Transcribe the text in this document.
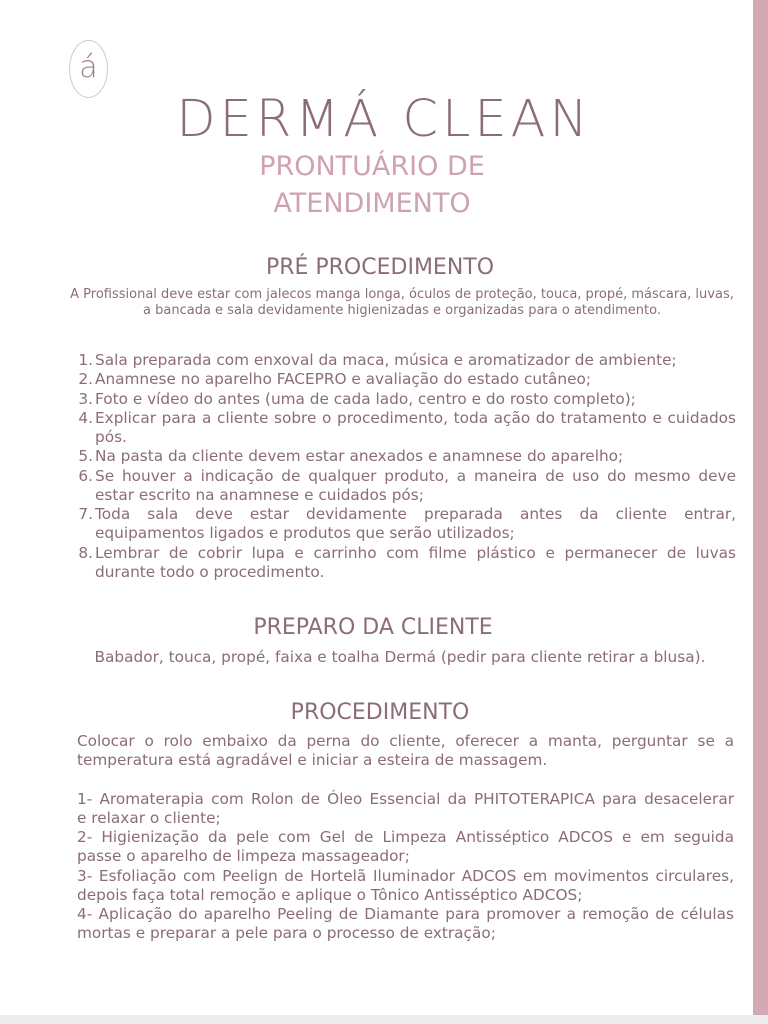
á
DERMÁ CLEAN
PRONTUÁRIO DE
ATENDIMENTO
PRÉ PROCEDIMENTO
A Profissional deve estar com jalecos manga longa, óculos de proteção, touca, propé, máscara, luvas,
a bancada e sala devidamente higienizadas e organizadas para o atendimento.
1. Sala preparada com enxoval da maca, música e aromatizador de ambiente;
2. Anamnese no aparelho FACEPRO e avaliação do estado cutâneo;
3. Foto e vídeo do antes (uma de cada lado, centro e do rosto completo);
4. Explicar para a cliente sobre o procedimento, toda ação do tratamento e cuidados
pós.
5. Na pasta da cliente devem estar anexados e anamnese do aparelho;
6. Se houver a indicação de qualquer produto, a maneira de uso do mesmo deve
estar escrito na anamnese e cuidados pós;
7. Toda sala deve estar devidamente preparada antes da cliente entrar,
equipamentos ligados e produtos que serão utilizados;
8. Lembrar de cobrir lupa e carrinho com filme plástico e permanecer de luvas
durante todo o procedimento.
PREPARO DA CLIENTE
Babador, touca, propé, faixa e toalha Dermá (pedir para cliente retirar a blusa).
PROCEDIMENTO
Colocar o rolo embaixo da perna do cliente, oferecer a manta, perguntar se a
temperatura está agradável e iniciar a esteira de massagem.
1- Aromaterapia com Rolon de Óleo Essencial da PHITOTERAPICA para desacelerar
e relaxar o cliente;
2- Higienização da pele com Gel de Limpeza Antisséptico ADCOS e em seguida
passe o aparelho de limpeza massageador;
3- Esfoliação com Peelign de Hortelã Iluminador ADCOS em movimentos circulares,
depois faça total remoção e aplique o Tônico Antisséptico ADCOS;
4- Aplicação do aparelho Peeling de Diamante para promover a remoção de células
mortas e preparar a pele para o processo de extração;
